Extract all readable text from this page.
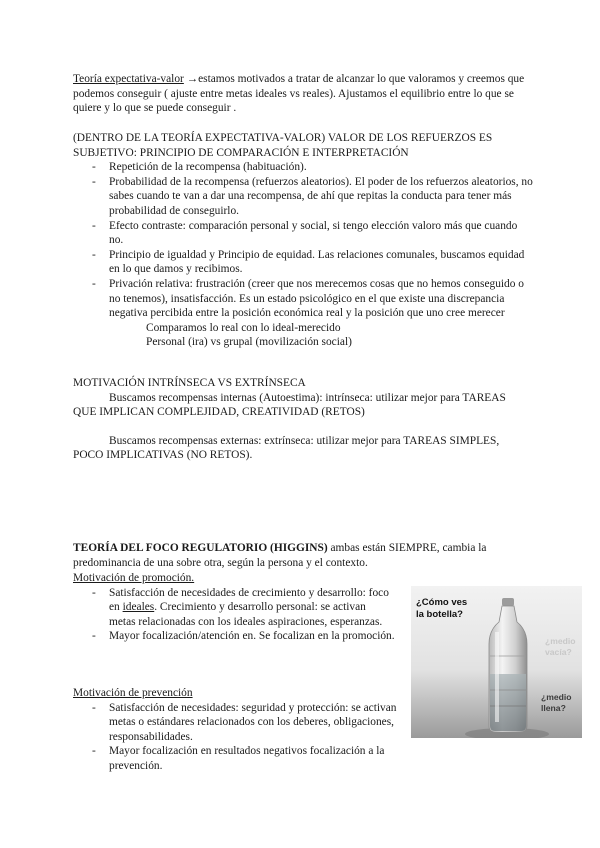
Teoría expectativa-valor →estamos motivados a tratar de alcanzar lo que valoramos y creemos que podemos conseguir ( ajuste entre metas ideales vs reales). Ajustamos el equilibrio entre lo que se quiere y lo que se puede conseguir .
(DENTRO DE LA TEORÍA EXPECTATIVA-VALOR) VALOR DE LOS REFUERZOS ES SUBJETIVO: PRINCIPIO DE COMPARACIÓN E INTERPRETACIÓN
- Repetición de la recompensa (habituación).
- Probabilidad de la recompensa (refuerzos aleatorios). El poder de los refuerzos aleatorios, no sabes cuando te van a dar una recompensa, de ahí que repitas la conducta para tener más probabilidad de conseguirlo.
- Efecto contraste: comparación personal y social, si tengo elección valoro más que cuando no.
- Principio de igualdad y Principio de equidad. Las relaciones comunales, buscamos equidad en lo que damos y recibimos.
- Privación relativa: frustración (creer que nos merecemos cosas que no hemos conseguido o no tenemos), insatisfacción. Es un estado psicológico en el que existe una discrepancia negativa percibida entre la posición económica real y la posición que uno cree merecer
Comparamos lo real con lo ideal-merecido
Personal (ira) vs grupal (movilización social)
MOTIVACIÓN INTRÍNSECA VS EXTRÍNSECA
Buscamos recompensas internas (Autoestima): intrínseca: utilizar mejor para TAREAS QUE IMPLICAN COMPLEJIDAD, CREATIVIDAD (RETOS)
Buscamos recompensas externas: extrínseca: utilizar mejor para TAREAS SIMPLES, POCO IMPLICATIVAS (NO RETOS).
TEORÍA DEL FOCO REGULATORIO (HIGGINS) ambas están SIEMPRE, cambia la predominancia de una sobre otra, según la persona y el contexto.
Motivación de promoción.
- Satisfacción de necesidades de crecimiento y desarrollo: foco en ideales. Crecimiento y desarrollo personal: se activan metas relacionadas con los ideales aspiraciones, esperanzas.
- Mayor focalización/atención en. Se focalizan en la promoción.
Motivación de prevención
- Satisfacción de necesidades: seguridad y protección: se activan metas o estándares relacionados con los deberes, obligaciones, responsabilidades.
- Mayor focalización en resultados negativos focalización a la prevención.
¿Cómo ves la botella?
¿medio vacía?
¿medio llena?
